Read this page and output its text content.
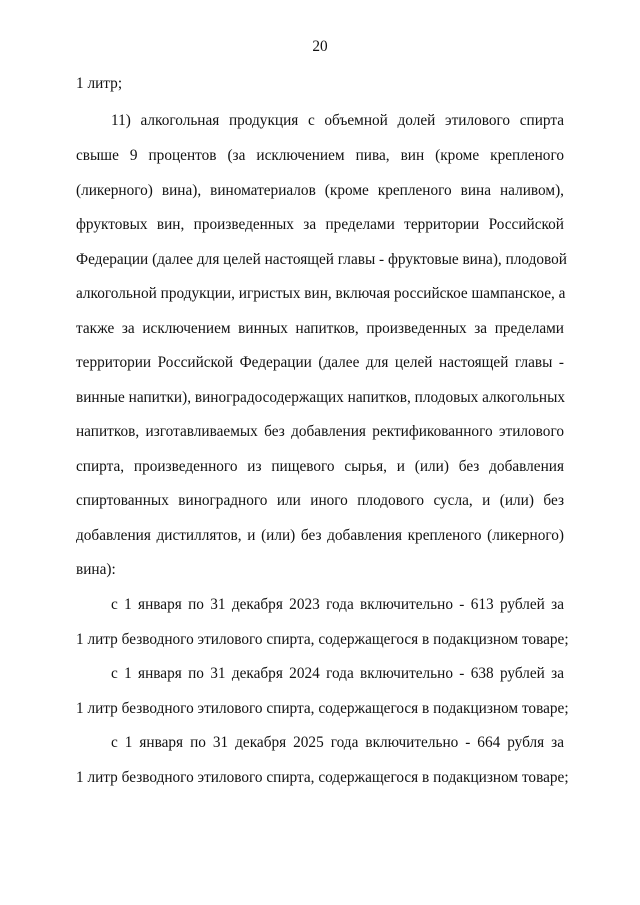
20
1 литр;
11) алкогольная продукция с объемной долей этилового спирта
свыше 9 процентов (за исключением пива, вин (кроме крепленого
(ликерного) вина), виноматериалов (кроме крепленого вина наливом),
фруктовых вин, произведенных за пределами территории Российской
Федерации (далее для целей настоящей главы - фруктовые вина), плодовой
алкогольной продукции, игристых вин, включая российское шампанское, а
также за исключением винных напитков, произведенных за пределами
территории Российской Федерации (далее для целей настоящей главы -
винные напитки), виноградосодержащих напитков, плодовых алкогольных
напитков, изготавливаемых без добавления ректификованного этилового
спирта, произведенного из пищевого сырья, и (или) без добавления
спиртованных виноградного или иного плодового сусла, и (или) без
добавления дистиллятов, и (или) без добавления крепленого (ликерного)
вина):
с 1 января по 31 декабря 2023 года включительно - 613 рублей за
1 литр безводного этилового спирта, содержащегося в подакцизном товаре;
с 1 января по 31 декабря 2024 года включительно - 638 рублей за
1 литр безводного этилового спирта, содержащегося в подакцизном товаре;
с 1 января по 31 декабря 2025 года включительно - 664 рубля за
1 литр безводного этилового спирта, содержащегося в подакцизном товаре;
